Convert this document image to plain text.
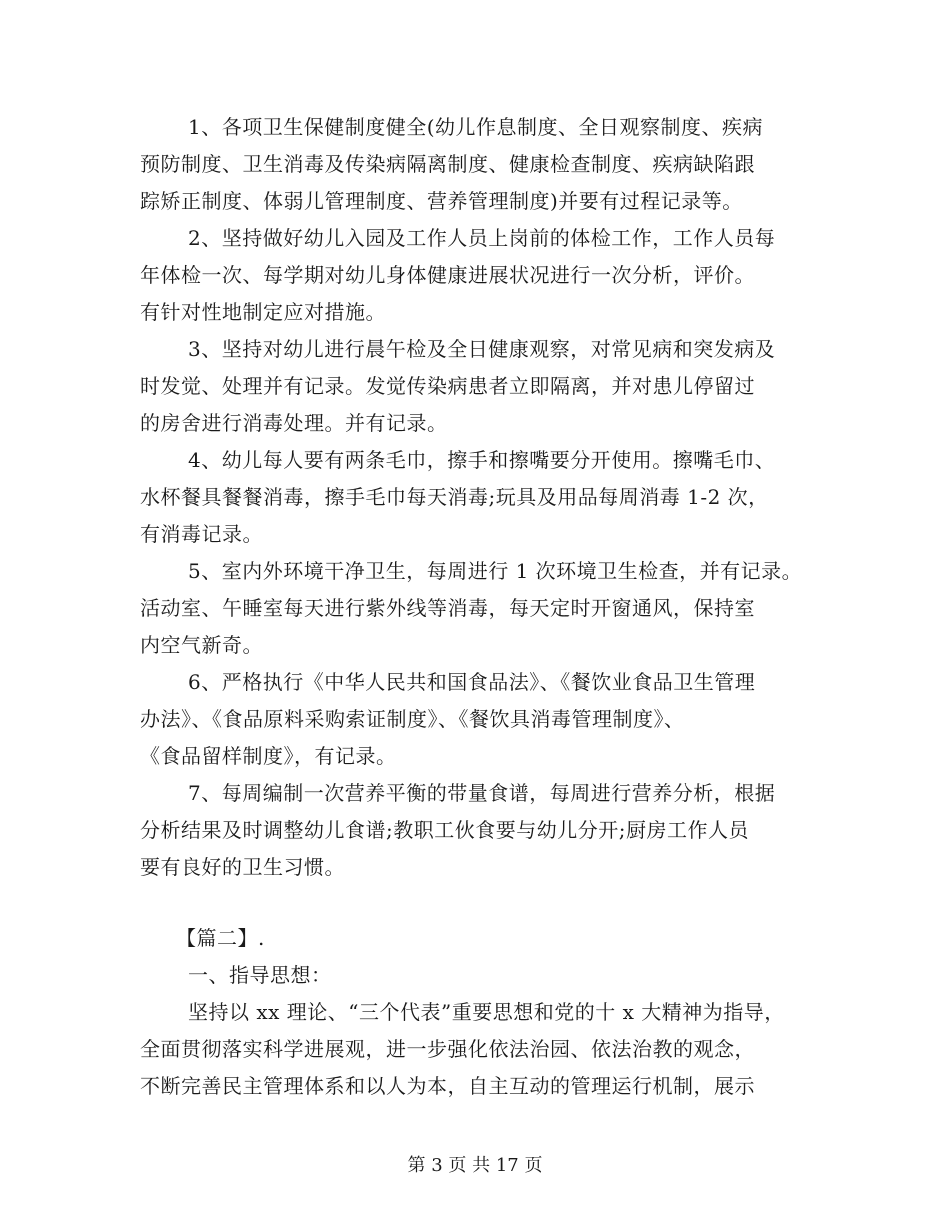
1、各项卫生保健制度健全(幼儿作息制度、全日观察制度、疾病
预防制度、卫生消毒及传染病隔离制度、健康检查制度、疾病缺陷跟
踪矫正制度、体弱儿管理制度、营养管理制度)并要有过程记录等。
2、坚持做好幼儿入园及工作人员上岗前的体检工作，工作人员每
年体检一次、每学期对幼儿身体健康进展状况进行一次分析，评价。
有针对性地制定应对措施。
3、坚持对幼儿进行晨午检及全日健康观察，对常见病和突发病及
时发觉、处理并有记录。发觉传染病患者立即隔离，并对患儿停留过
的房舍进行消毒处理。并有记录。
4、幼儿每人要有两条毛巾，擦手和擦嘴要分开使用。擦嘴毛巾、
水杯餐具餐餐消毒，擦手毛巾每天消毒;玩具及用品每周消毒 1-2 次，
有消毒记录。
5、室内外环境干净卫生，每周进行 1 次环境卫生检查，并有记录。
活动室、午睡室每天进行紫外线等消毒，每天定时开窗通风，保持室
内空气新奇。
6、严格执行《中华人民共和国食品法》、《餐饮业食品卫生管理
办法》、《食品原料采购索证制度》、《餐饮具消毒管理制度》、
《食品留样制度》，有记录。
7、每周编制一次营养平衡的带量食谱，每周进行营养分析，根据
分析结果及时调整幼儿食谱;教职工伙食要与幼儿分开;厨房工作人员
要有良好的卫生习惯。
【篇二】.
一、指导思想：
坚持以 xx 理论、“三个代表”重要思想和党的十 x 大精神为指导，
全面贯彻落实科学进展观，进一步强化依法治园、依法治教的观念，
不断完善民主管理体系和以人为本，自主互动的管理运行机制，展示
第 3 页 共 17 页
